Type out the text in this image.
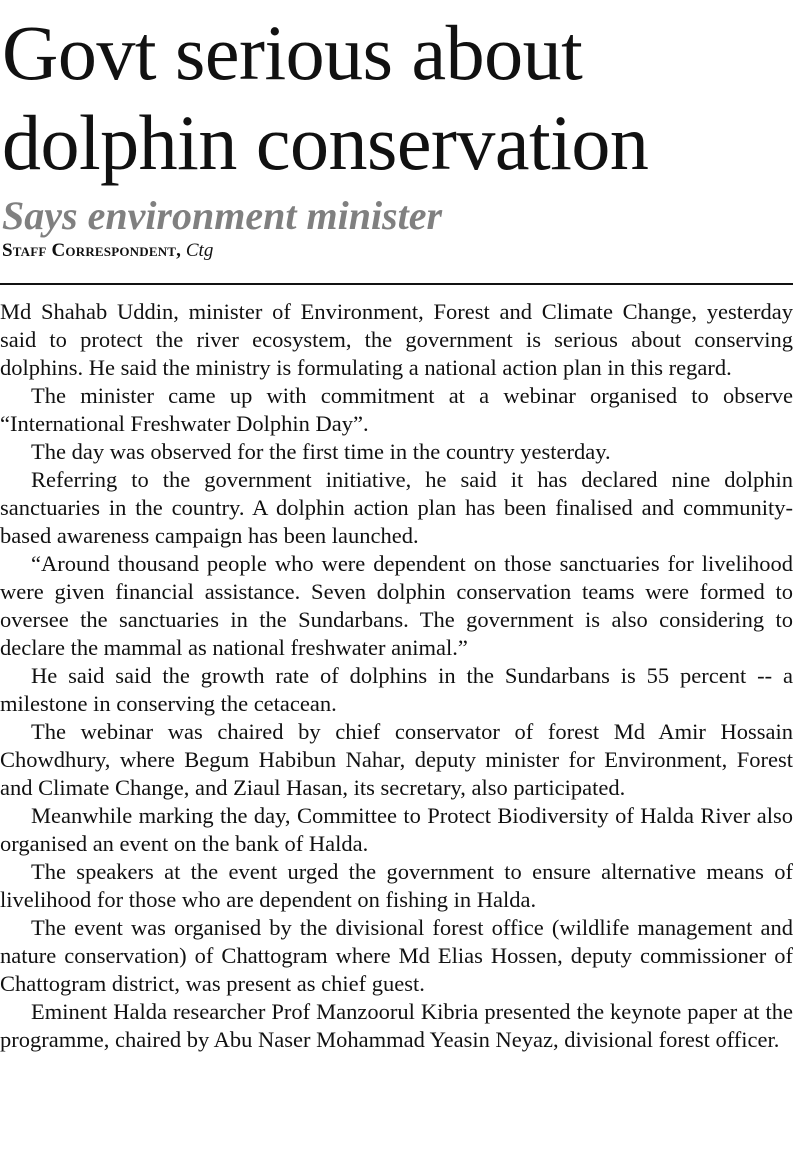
Govt serious about dolphin conservation
Says environment minister
Staff Correspondent, Ctg

Md Shahab Uddin, minister of Environment, Forest and Climate Change, yesterday said to protect the river ecosystem, the government is serious about conserving dolphins. He said the ministry is formulating a national action plan in this regard.

The minister came up with commitment at a webinar organised to observe “International Freshwater Dolphin Day”.

The day was observed for the first time in the country yesterday.

Referring to the government initiative, he said it has declared nine dolphin sanctuaries in the country. A dolphin action plan has been finalised and community-based awareness campaign has been launched.

“Around thousand people who were dependent on those sanctuaries for livelihood were given financial assistance. Seven dolphin conservation teams were formed to oversee the sanctuaries in the Sundarbans. The government is also considering to declare the mammal as national freshwater animal.”

He said said the growth rate of dolphins in the Sundarbans is 55 percent -- a milestone in conserving the cetacean.

The webinar was chaired by chief conservator of forest Md Amir Hossain Chowdhury, where Begum Habibun Nahar, deputy minister for Environment, Forest and Climate Change, and Ziaul Hasan, its secretary, also participated.

Meanwhile marking the day, Committee to Protect Biodiversity of Halda River also organised an event on the bank of Halda.

The speakers at the event urged the government to ensure alternative means of livelihood for those who are dependent on fishing in Halda.

The event was organised by the divisional forest office (wildlife management and nature conservation) of Chattogram where Md Elias Hossen, deputy commissioner of Chattogram district, was present as chief guest.

Eminent Halda researcher Prof Manzoorul Kibria presented the keynote paper at the programme, chaired by Abu Naser Mohammad Yeasin Neyaz, divisional forest officer.
